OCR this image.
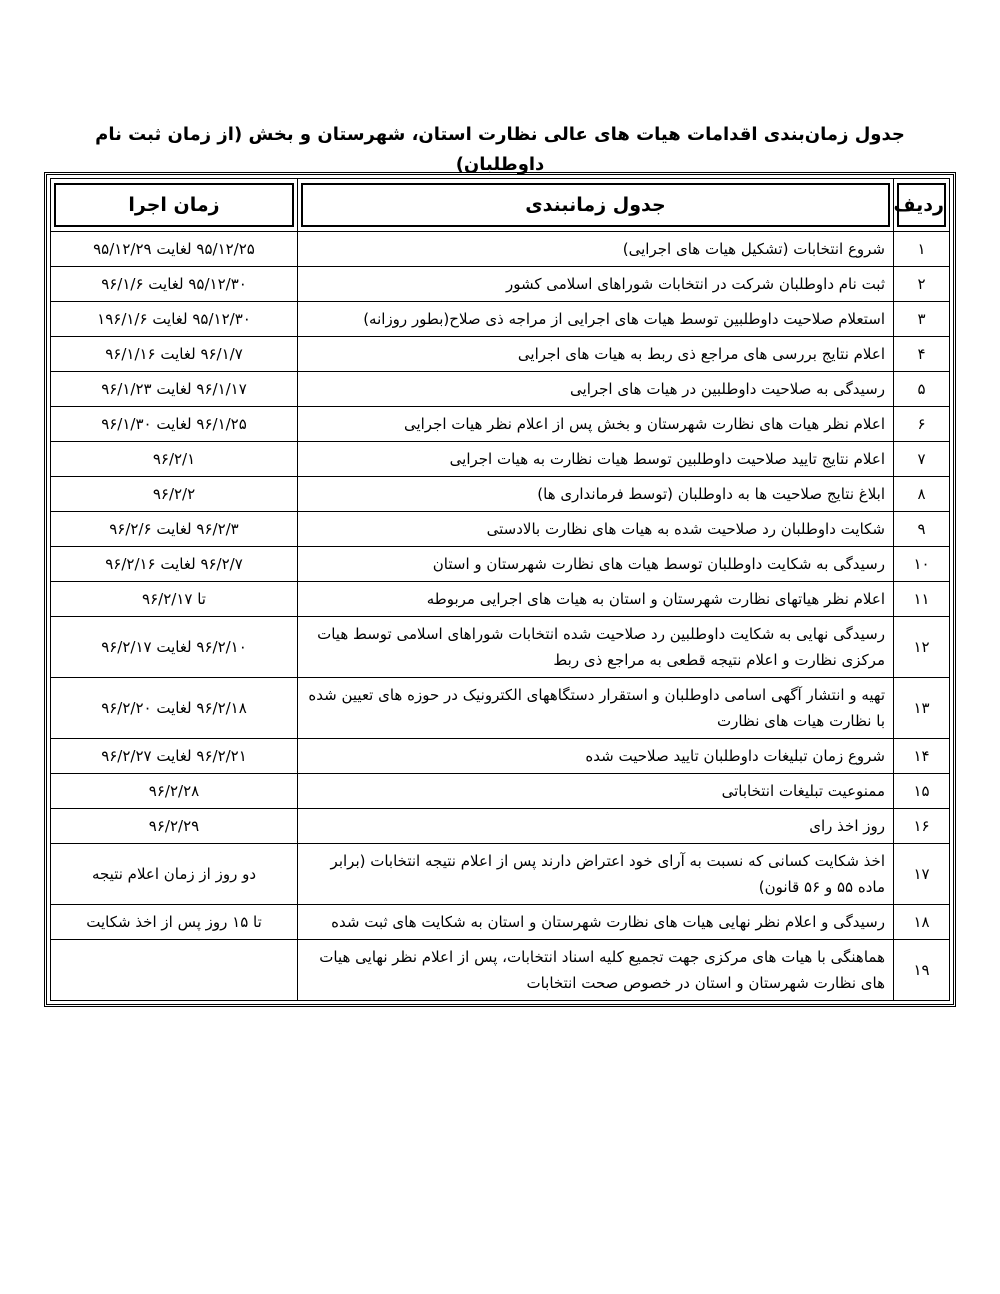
جدول زمان‌بندی اقدامات هیات های عالی نظارت استان، شهرستان و بخش (از زمان ثبت نام داوطلبان)
ردیف	جدول زمانبندی	زمان اجرا

۱	شروع انتخابات (تشکیل هیات های اجرایی)	۹۵/۱۲/۲۵ لغایت ۹۵/۱۲/۲۹
۲	ثبت نام داوطلبان شرکت در انتخابات شوراهای اسلامی کشور	۹۵/۱۲/۳۰ لغایت ۹۶/۱/۶
۳	استعلام صلاحیت داوطلبین توسط هیات های اجرایی از مراجه ذی صلاح(بطور روزانه)	۹۵/۱۲/۳۰ لغایت ۱۹۶/۱/۶
۴	اعلام نتایج بررسی های مراجع ذی ربط به هیات های اجرایی	۹۶/۱/۷ لغایت ۹۶/۱/۱۶
۵	رسیدگی به صلاحیت داوطلبین در هیات های اجرایی	۹۶/۱/۱۷ لغایت ۹۶/۱/۲۳
۶	اعلام نظر هیات های نظارت شهرستان و بخش پس از اعلام نظر هیات اجرایی	۹۶/۱/۲۵ لغایت ۹۶/۱/۳۰
۷	اعلام نتایج تایید صلاحیت داوطلبین توسط هیات نظارت به هیات اجرایی	۹۶/۲/۱
۸	ابلاغ نتایج صلاحیت ها به داوطلبان (توسط فرمانداری ها)	۹۶/۲/۲
۹	شکایت داوطلبان رد صلاحیت شده به هیات های نظارت بالادستی	۹۶/۲/۳ لغایت ۹۶/۲/۶
۱۰	رسیدگی به شکایت داوطلبان توسط هیات های نظارت شهرستان و استان	۹۶/۲/۷ لغایت ۹۶/۲/۱۶
۱۱	اعلام نظر هیاتهای نظارت شهرستان و استان به هیات های اجرایی مربوطه	تا ۹۶/۲/۱۷
۱۲	رسیدگی نهایی به شکایت داوطلبین رد صلاحیت شده انتخابات شوراهای اسلامی توسط هیات مرکزی نظارت و اعلام نتیجه قطعی به مراجع ذی ربط	۹۶/۲/۱۰ لغایت ۹۶/۲/۱۷
۱۳	تهیه و انتشار آگهی اسامی داوطلبان و استقرار دستگاههای الکترونیک در حوزه های تعیین شده با نظارت هیات های نظارت	۹۶/۲/۱۸ لغایت ۹۶/۲/۲۰
۱۴	شروع زمان تبلیغات داوطلبان تایید صلاحیت شده	۹۶/۲/۲۱ لغایت ۹۶/۲/۲۷
۱۵	ممنوعیت تبلیغات انتخاباتی	۹۶/۲/۲۸
۱۶	روز اخذ رای	۹۶/۲/۲۹
۱۷	اخذ شکایت کسانی که نسبت به آرای خود اعتراض دارند پس از اعلام نتیجه انتخابات (برابر ماده ۵۵ و ۵۶ قانون)	دو روز از زمان اعلام نتیجه
۱۸	رسیدگی و اعلام نظر نهایی هیات های نظارت شهرستان و استان به شکایت های ثبت شده	تا ۱۵ روز پس از اخذ شکایت
۱۹	هماهنگی با هیات های مرکزی جهت تجمیع کلیه اسناد انتخابات، پس از اعلام نظر نهایی هیات های نظارت شهرستان و استان در خصوص صحت انتخابات	
